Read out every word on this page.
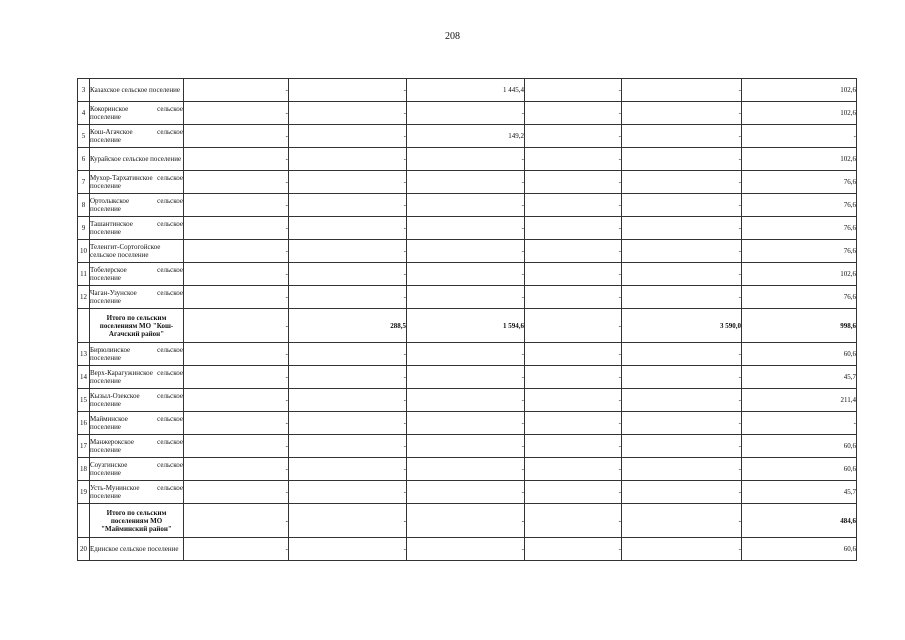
208
3	Казахское сельское поселение	-	-	1 445,4	-	-	102,6
4	Кокоринское сельское поселение	-	-	-	-	-	102,6
5	Кош-Агачское сельское поселение	-	-	149,2	-	-	-
6	Курайское сельское поселение	-	-	-	-	-	102,6
7	Мухор-Тархатинское сельское поселение	-	-	-	-	-	76,6
8	Ортолыкское сельское поселение	-	-	-	-	-	76,6
9	Ташантинское сельское поселение	-	-	-	-	-	76,6
10	Теленгит-Сортогойское сельское поселение	-	-	-	-	-	76,6
11	Тобелерское сельское поселение	-	-	-	-	-	102,6
12	Чаган-Узунское сельское поселение	-	-	-	-	-	76,6
	Итого по сельским поселениям МО "Кош-Агачский район"	-	288,5	1 594,6	-	3 590,0	998,6
13	Бирюлинское сельское поселение	-	-	-	-	-	60,6
14	Верх-Карагужинское сельское поселение	-	-	-	-	-	45,7
15	Кызыл-Озекское сельское поселение	-	-	-	-	-	211,4
16	Майминское сельское поселение	-	-	-	-	-	-
17	Манжерокское сельское поселение	-	-	-	-	-	60,6
18	Соузгинское сельское поселение	-	-	-	-	-	60,6
19	Усть-Мунинское сельское поселение	-	-	-	-	-	45,7
	Итого по сельским поселениям МО "Майминский район"	-	-	-	-	-	484,6
20	Единское сельское поселение	-	-	-	-	-	60,6
